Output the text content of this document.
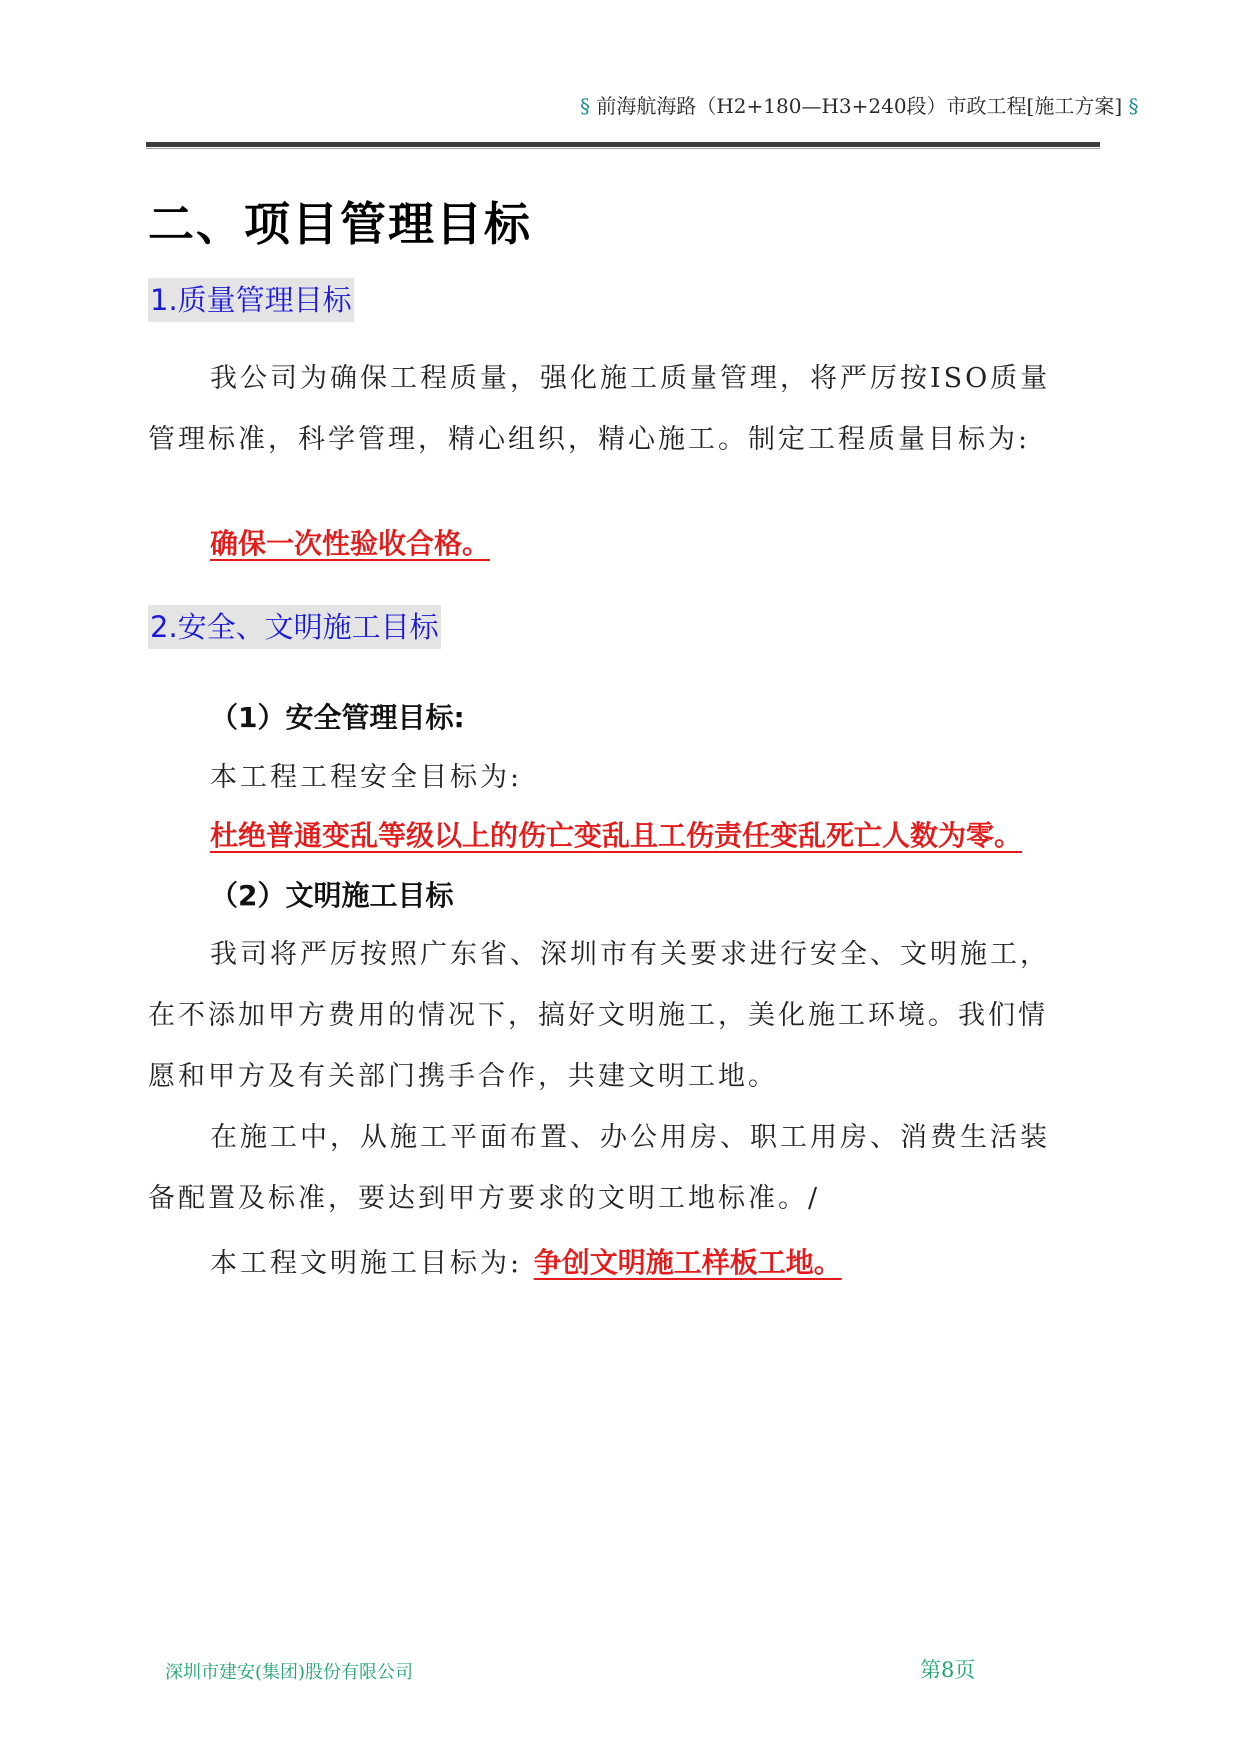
§ 前海航海路（H2+180—H3+240段）市政工程[施工方案] §
二、项目管理目标
1.质量管理目标
我公司为确保工程质量，强化施工质量管理，将严厉按ISO质量
管理标准，科学管理，精心组织，精心施工。制定工程质量目标为:
确保一次性验收合格。
2.安全、文明施工目标
（1）安全管理目标:
本工程工程安全目标为:
杜绝普通变乱等级以上的伤亡变乱且工伤责任变乱死亡人数为零。
（2）文明施工目标
我司将严厉按照广东省、深圳市有关要求进行安全、文明施工，
在不添加甲方费用的情况下，搞好文明施工，美化施工环境。我们情
愿和甲方及有关部门携手合作，共建文明工地。
在施工中，从施工平面布置、办公用房、职工用房、消费生活装
备配置及标准，要达到甲方要求的文明工地标准。/
本工程文明施工目标为: 争创文明施工样板工地。
深圳市建安(集团)股份有限公司	第8页
